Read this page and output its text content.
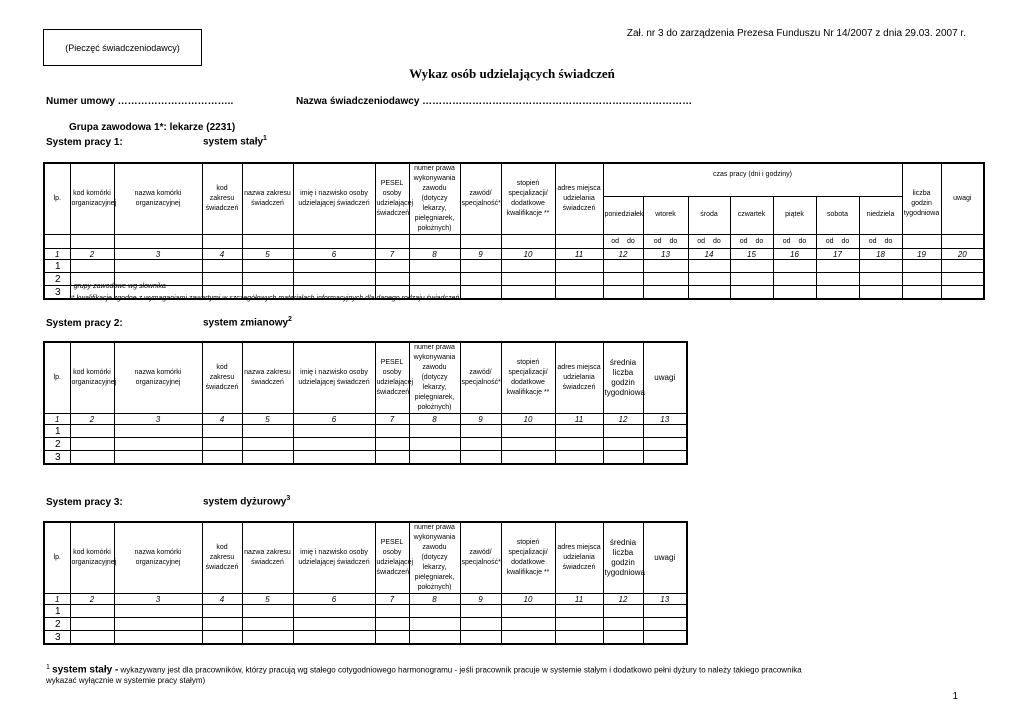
(Pieczęć świadczeniodawcy)
Zał. nr 3 do zarządzenia Prezesa Funduszu Nr 14/2007 z dnia 29.03. 2007 r.
Wykaz osób udzielających świadczeń
Numer umowy ……………………………..	Nazwa świadczeniodawcy ………………………………………………………………………
Grupa zawodowa 1*: lekarze (2231)
System pracy 1:	system stały$^1$
lp.	kod komórki organizacyjnej	nazwa komórki organizacyjnej	kod zakresu świadczeń	nazwa zakresu świadczeń	imię i nazwisko osoby udzielającej świadczeń	PESEL osoby udzielającej świadczeń	numer prawa wykonywania zawodu (dotyczy lekarzy, pielęgniarek, położnych)	zawód/ specjalność*	stopień specjalizacji/ dodatkowe kwalifikacje **	adres miejsca udzielania świadczeń	czas pracy (dni i godziny)							liczba godzin tygodniowa	uwagi
											poniedziałek	wtorek	środa	czwartek	piątek	sobota	niedziela		

											od do	od do	od do	od do	od do	od do	od do		

1	2	3	4	5	6	7	8	9	10	11	12	13	14	15	16	17	18	19	20
1																			
2																			
3																			* grupy zawodowe wg słownika
** kwalifikacje zgodne z wymaganiami zawartymi w szczegółowych materiałach informacyjnych dla danego rodzaju świadczeń
System pracy 2:	system zmianowy$^2$
lp.	kod komórki organizacyjnej	nazwa komórki organizacyjnej	kod zakresu świadczeń	nazwa zakresu świadczeń	imię i nazwisko osoby udzielającej świadczeń	PESEL osoby udzielającej świadczeń	numer prawa wykonywania zawodu (dotyczy lekarzy, pielęgniarek, położnych)	zawód/ specjalność*	stopień specjalizacji/ dodatkowe kwalifikacje **	adres miejsca udzielania świadczeń	średnia liczba godzin tygodniowa	uwagi
1	2	3	4	5	6	7	8	9	10	11	12	13
1												
2												
3												
System pracy 3:	system dyżurowy$^3$
lp.	kod komórki organizacyjnej	nazwa komórki organizacyjnej	kod zakresu świadczeń	nazwa zakresu świadczeń	imię i nazwisko osoby udzielającej świadczeń	PESEL osoby udzielającej świadczeń	numer prawa wykonywania zawodu (dotyczy lekarzy, pielęgniarek, położnych)	zawód/ specjalność*	stopień specjalizacji/ dodatkowe kwalifikacje **	adres miejsca udzielania świadczeń	średnia liczba godzin tygodniowa	uwagi
1	2	3	4	5	6	7	8	9	10	11	12	13
1												
2												
3												
$^1$ system stały - wykazywany jest dla pracowników, którzy pracują wg stałego cotygodniowego harmonogramu - jeśli pracownik pracuje w systemie stałym i dodatkowo pełni dyżury to należy takiego pracownika wykazać wyłącznie w systemie pracy stałym)
1
